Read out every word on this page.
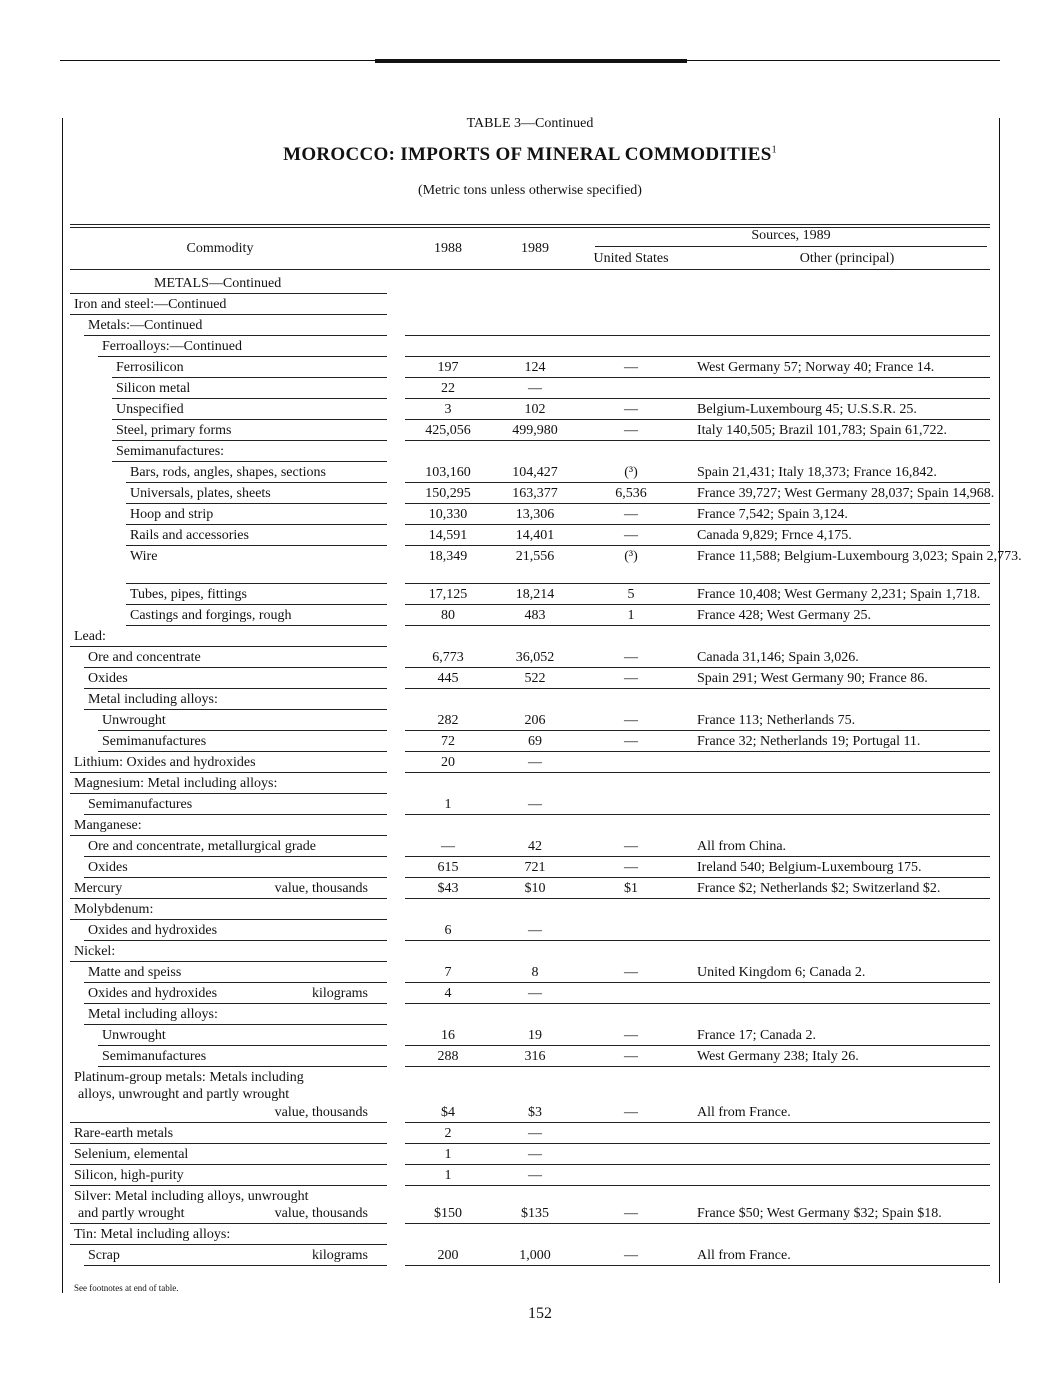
TABLE 3—Continued
MOROCCO: IMPORTS OF MINERAL COMMODITIES$^1$
(Metric tons unless otherwise specified)
Commodity	1988	1989
Sources, 1989
United States	Other (principal)
METALS—Continued
Iron and steel:—Continued
Metals:—Continued
Ferroalloys:—Continued
Ferrosilicon	197	124	—	West Germany 57; Norway 40; France 14.
Silicon metal	22	—
Unspecified	3	102	—	Belgium-Luxembourg 45; U.S.S.R. 25.
Steel, primary forms	425,056	499,980	—	Italy 140,505; Brazil 101,783; Spain 61,722.
Semimanufactures:
Bars, rods, angles, shapes, sections	103,160	104,427	(³)	Spain 21,431; Italy 18,373; France 16,842.
Universals, plates, sheets	150,295	163,377	6,536	France 39,727; West Germany 28,037; Spain 14,968.
Hoop and strip	10,330	13,306	—	France 7,542; Spain 3,124.
Rails and accessories	14,591	14,401	—	Canada 9,829; Frnce 4,175.
Wire	18,349	21,556	(³)	France 11,588; Belgium-Luxembourg 3,023; Spain 2,773.
Tubes, pipes, fittings	17,125	18,214	5	France 10,408; West Germany 2,231; Spain 1,718.
Castings and forgings, rough	80	483	1	France 428; West Germany 25.
Lead:
Ore and concentrate	6,773	36,052	—	Canada 31,146; Spain 3,026.
Oxides	445	522	—	Spain 291; West Germany 90; France 86.
Metal including alloys:
Unwrought	282	206	—	France 113; Netherlands 75.
Semimanufactures	72	69	—	France 32; Netherlands 19; Portugal 11.
Lithium: Oxides and hydroxides	20	—
Magnesium: Metal including alloys:
Semimanufactures	1	—
Manganese:
Ore and concentrate, metallurgical grade	—	42	—	All from China.
Oxides	615	721	—	Ireland 540; Belgium-Luxembourg 175.
Mercury	value, thousands	$43	$10	$1	France $2; Netherlands $2; Switzerland $2.
Molybdenum:
Oxides and hydroxides	6	—
Nickel:
Matte and speiss	7	8	—	United Kingdom 6; Canada 2.
Oxides and hydroxides	kilograms	4	—
Metal including alloys:
Unwrought	16	19	—	France 17; Canada 2.
Semimanufactures	288	316	—	West Germany 238; Italy 26.
Platinum-group metals: Metals including
alloys, unwrought and partly wrought
value, thousands	$4	$3	—	All from France.
Rare-earth metals	2	—
Selenium, elemental	1	—
Silicon, high-purity	1	—
Silver: Metal including alloys, unwrought
and partly wrought	value, thousands	$150	$135	—	France $50; West Germany $32; Spain $18.
Tin: Metal including alloys:
Scrap	kilograms	200	1,000	—	All from France.
See footnotes at end of table.
152
